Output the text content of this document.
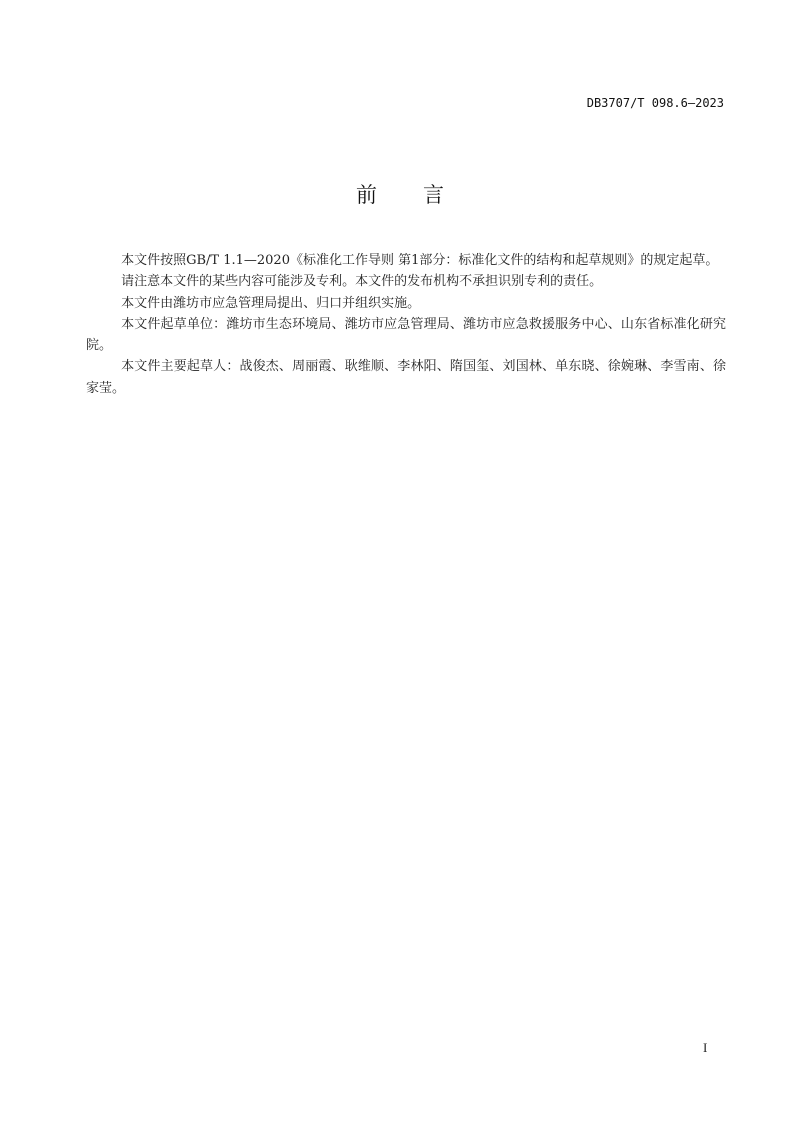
DB3707/T 098.6—2023
前 言

本文件按照GB/T 1.1—2020《标准化工作导则 第1部分：标准化文件的结构和起草规则》的规定起草。

请注意本文件的某些内容可能涉及专利。本文件的发布机构不承担识别专利的责任。

本文件由潍坊市应急管理局提出、归口并组织实施。

本文件起草单位：潍坊市生态环境局、潍坊市应急管理局、潍坊市应急救援服务中心、山东省标准化研究院。

本文件主要起草人：战俊杰、周丽霞、耿维顺、李林阳、隋国玺、刘国林、单东晓、徐婉琳、李雪南、徐家莹。

I
